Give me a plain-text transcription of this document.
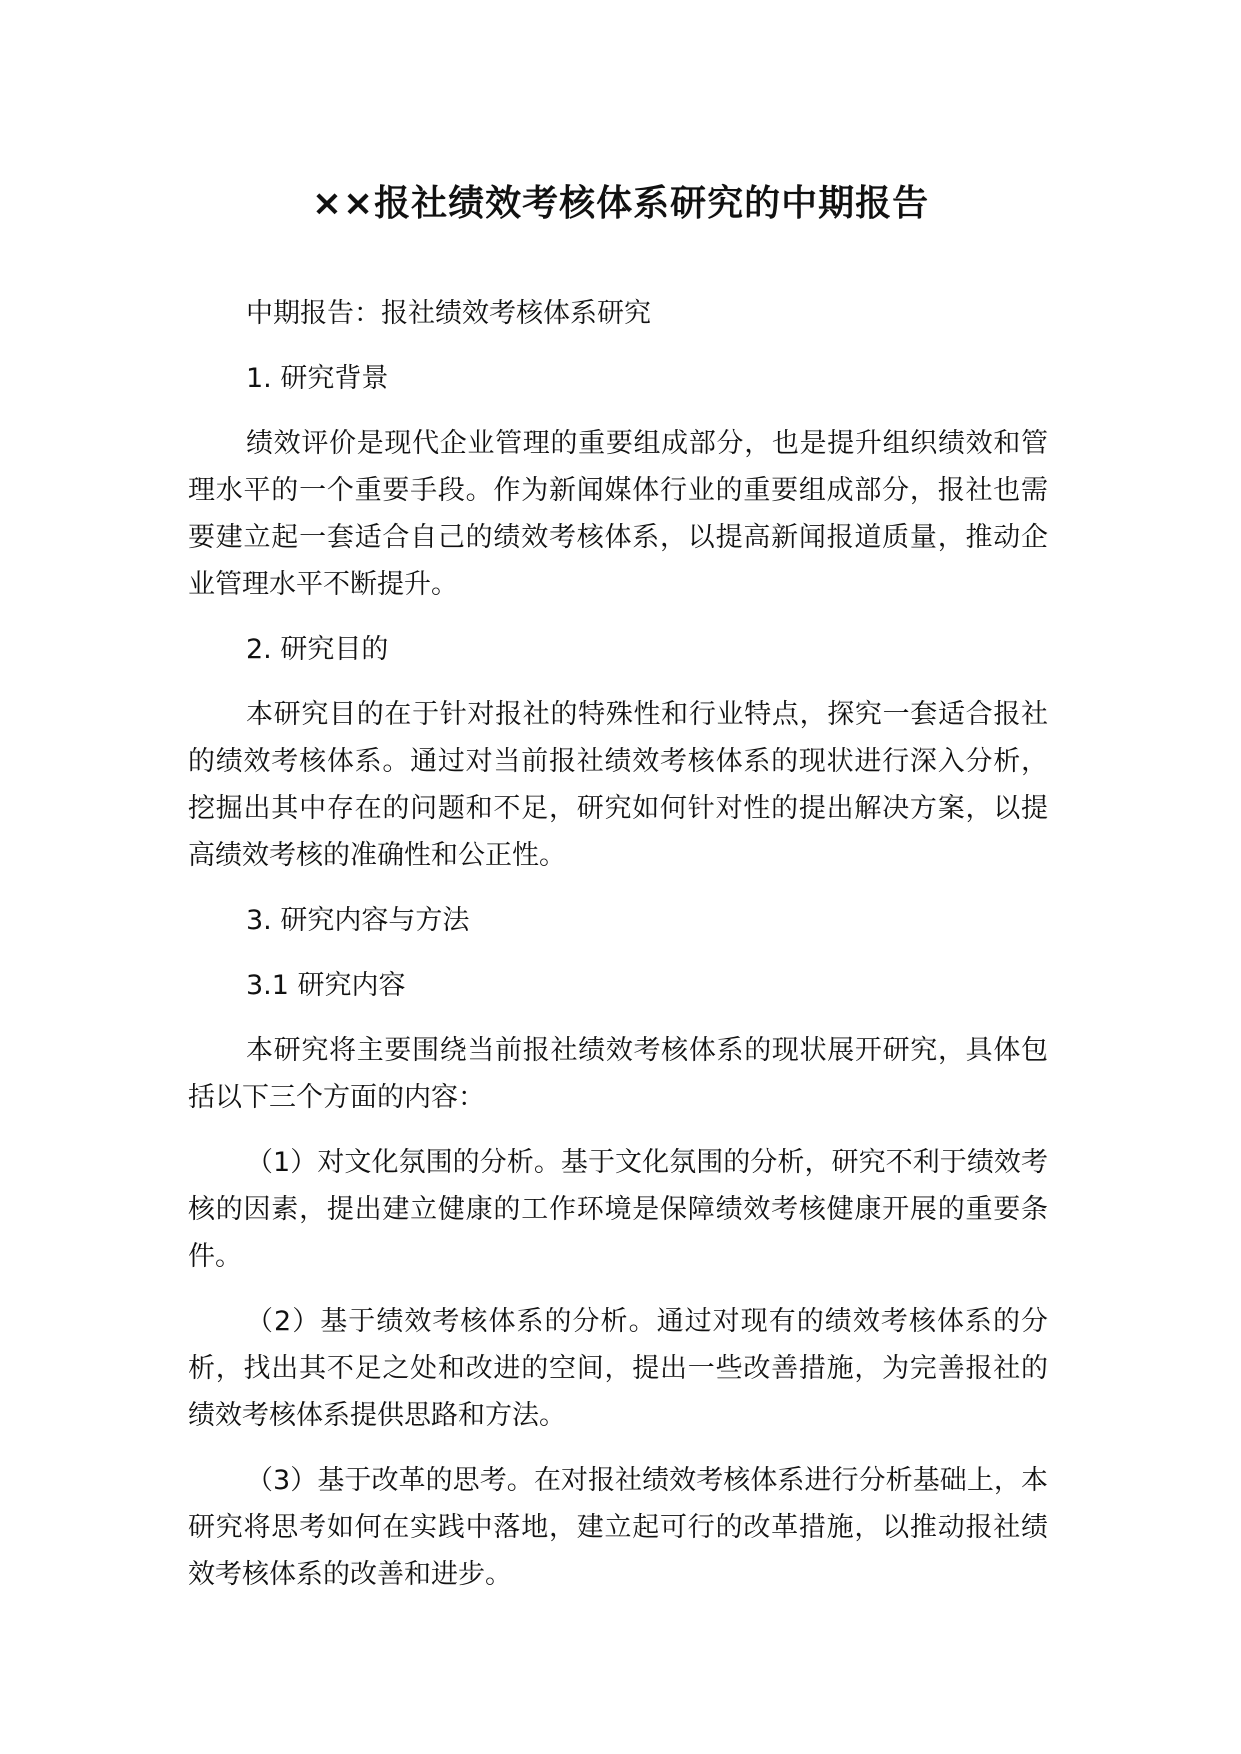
××报社绩效考核体系研究的中期报告

中期报告：报社绩效考核体系研究

1. 研究背景

绩效评价是现代企业管理的重要组成部分，也是提升组织绩效和管理水平的一个重要手段。作为新闻媒体行业的重要组成部分，报社也需要建立起一套适合自己的绩效考核体系，以提高新闻报道质量，推动企业管理水平不断提升。

2. 研究目的

本研究目的在于针对报社的特殊性和行业特点，探究一套适合报社的绩效考核体系。通过对当前报社绩效考核体系的现状进行深入分析，挖掘出其中存在的问题和不足，研究如何针对性的提出解决方案，以提高绩效考核的准确性和公正性。

3. 研究内容与方法

3.1 研究内容

本研究将主要围绕当前报社绩效考核体系的现状展开研究，具体包括以下三个方面的内容：

（1）对文化氛围的分析。基于文化氛围的分析，研究不利于绩效考核的因素，提出建立健康的工作环境是保障绩效考核健康开展的重要条件。

（2）基于绩效考核体系的分析。通过对现有的绩效考核体系的分析，找出其不足之处和改进的空间，提出一些改善措施，为完善报社的绩效考核体系提供思路和方法。

（3）基于改革的思考。在对报社绩效考核体系进行分析基础上，本研究将思考如何在实践中落地，建立起可行的改革措施，以推动报社绩效考核体系的改善和进步。
